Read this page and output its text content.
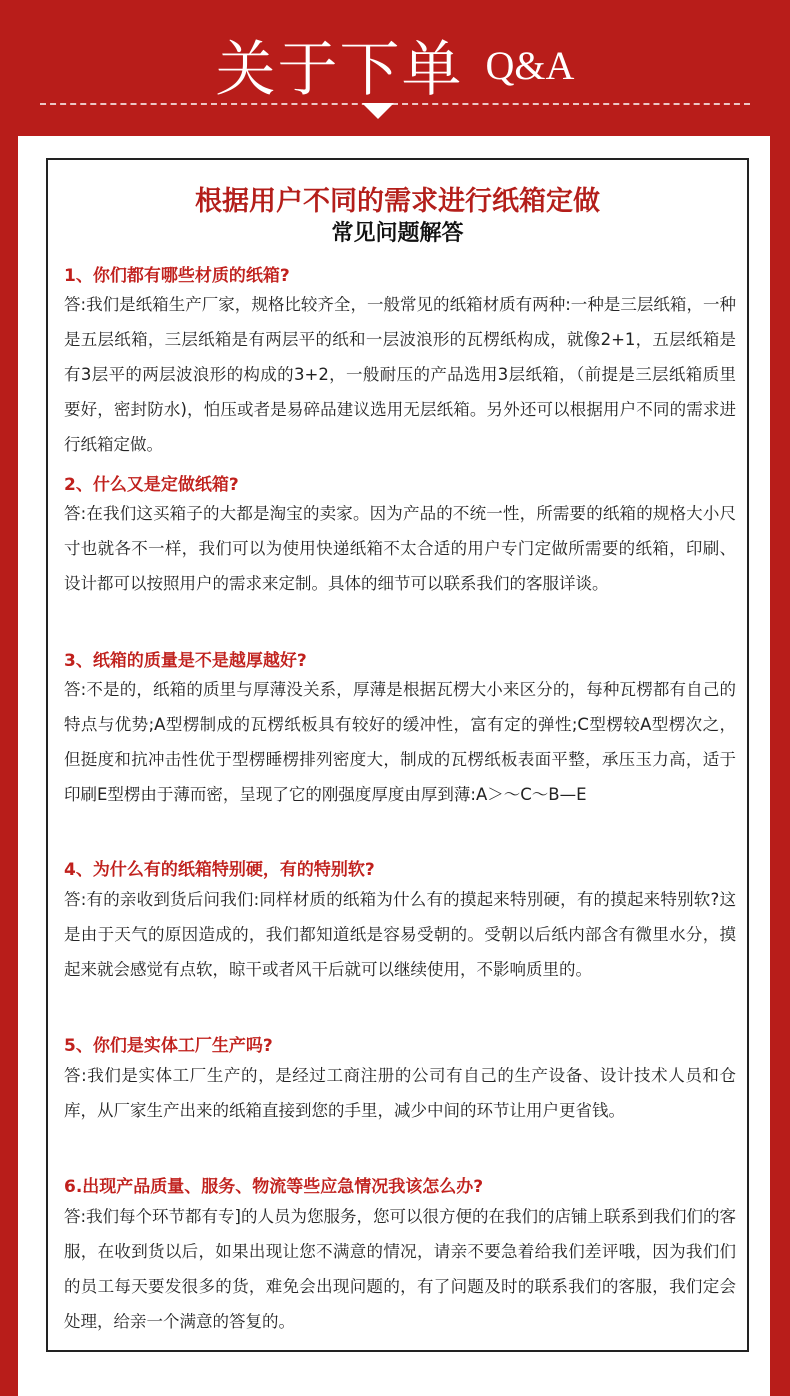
关于下单 Q&A
根据用户不同的需求进行纸箱定做
常见问题解答
1、你们都有哪些材质的纸箱?
答:我们是纸箱生产厂家，规格比较齐全，一般常见的纸箱材质有两种:一种是三层纸箱，一种是五层纸箱，三层纸箱是有两层平的纸和一层波浪形的瓦楞纸构成，就像2+1，五层纸箱是有3层平的两层波浪形的构成的3+2，一般耐压的产品选用3层纸箱，（前提是三层纸箱质里要好，密封防水)，怕压或者是易碎品建议选用无层纸箱。另外还可以根据用户不同的需求进行纸箱定做。
2、什么又是定做纸箱?
答:在我们这买箱子的大都是淘宝的卖家。因为产品的不统一性，所需要的纸箱的规格大小尺寸也就各不一样，我们可以为使用快递纸箱不太合适的用户专门定做所需要的纸箱，印刷、设计都可以按照用户的需求来定制。具体的细节可以联系我们的客服详谈。
3、纸箱的质量是不是越厚越好?
答:不是的，纸箱的质里与厚薄没关系，厚薄是根据瓦楞大小来区分的，每种瓦楞都有自己的特点与优势;A型楞制成的瓦楞纸板具有较好的缓冲性，富有定的弹性;C型楞较A型楞次之，但挺度和抗冲击性优于型楞睡楞排列密度大，制成的瓦楞纸板表面平整，承压玉力高，适于印刷E型楞由于薄而密，呈现了它的刚强度厚度由厚到薄:A＞～C～B—E
4、为什么有的纸箱特别硬，有的特别软?
答:有的亲收到货后问我们:同样材质的纸箱为什么有的摸起来特別硬，有的摸起来特别软?这是由于天气的原因造成的，我们都知道纸是容易受朝的。受朝以后纸内部含有微里水分，摸起来就会感觉有点软，晾干或者风干后就可以继续使用，不影响质里的。
5、你们是实体工厂生产吗?
答:我们是实体工厂生产的，是经过工商注册的公司有自己的生产设备、设计技术人员和仓库，从厂家生产出来的纸箱直接到您的手里，减少中间的环节让用户更省钱。
6.出现产品质量、服务、物流等些应急情况我该怎么办?
答:我们每个环节都有专]的人员为您服务，您可以很方便的在我们的店铺上联系到我们们的客服，在收到货以后，如果出现让您不满意的情况，请亲不要急着给我们差评哦，因为我们们的员工每天要发很多的货，难免会出现问题的，有了问题及时的联系我们的客服，我们定会处理，给亲一个满意的答复的。
